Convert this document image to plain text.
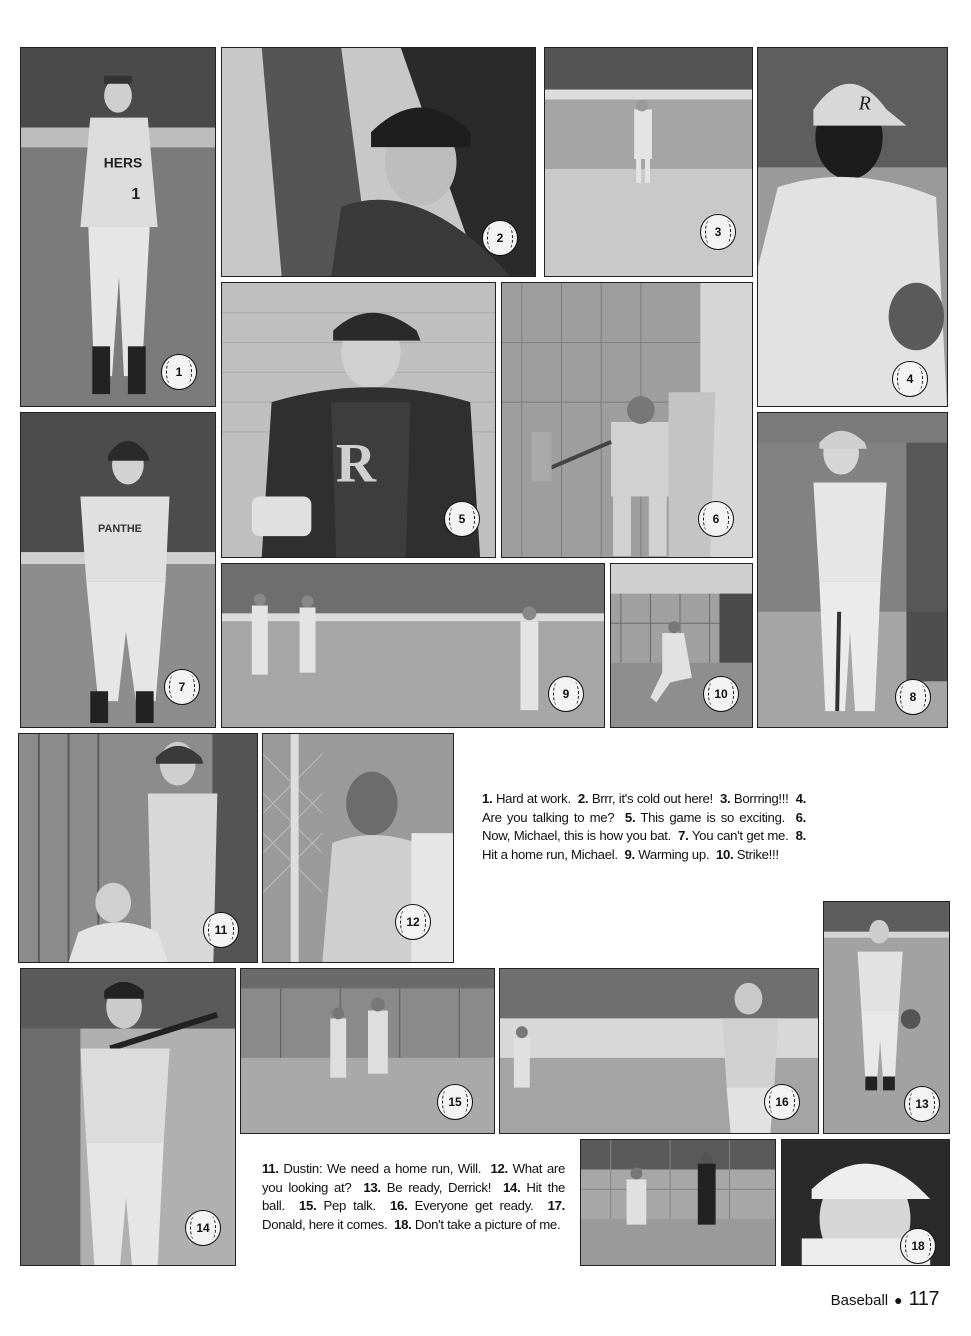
HERS
1
1
2	3
R
4
R
5	6
PANTHE
7
8
9	10
11
12
13
14
15	16
18
1. Hard at work. 2. Brrr, it's cold out here! 3. Borrring!!! 4. Are you talking to me? 5. This game is so exciting. 6. Now, Michael, this is how you bat. 7. You can't get me. 8. Hit a home run, Michael. 9. Warming up. 10. Strike!!!
11. Dustin: We need a home run, Will. 12. What are you looking at? 13. Be ready, Derrick! 14. Hit the ball. 15. Pep talk. 16. Everyone get ready. 17. Donald, here it comes. 18. Don't take a picture of me.
Baseball ● 117
